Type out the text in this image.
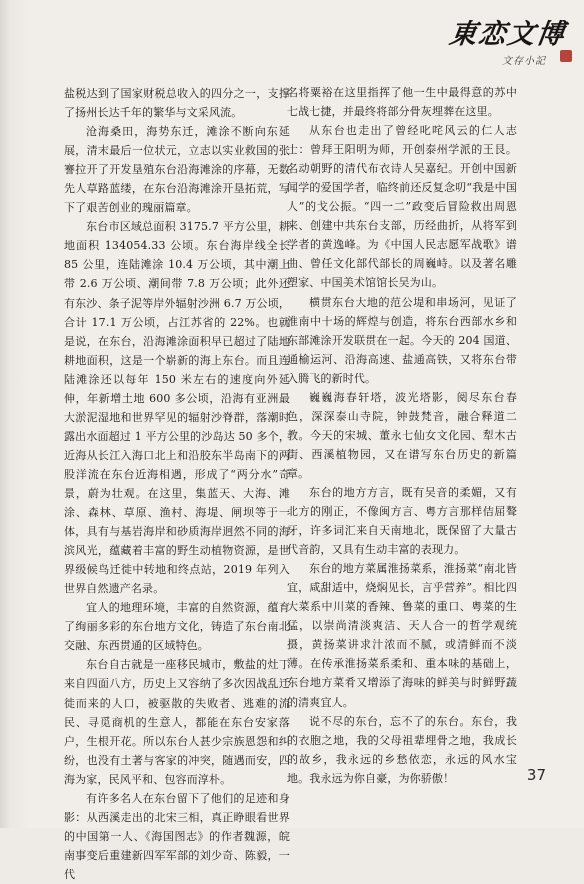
東恋文博
文存小記

盐税达到了国家财税总收入的四分之一，支撑了扬州长达千年的繁华与文采风流。

沧海桑田，海势东迁，滩涂不断向东延展，清末最后一位状元，立志以实业救国的张謇拉开了开发垦殖东台沿海滩涂的序幕，无数先人草路蓝缕，在东台沿海滩涂开垦拓荒，写下了艰苦创业的瑰丽篇章。

东台市区域总面积 3175.7 平方公里，耕地面积 134054.33 公顷。东台海岸线全长 85 公里，连陆滩涂 10.4 万公顷，其中潮上带 2.6 万公顷、潮间带 7.8 万公顷；此外还有东沙、条子泥等岸外辐射沙洲 6.7 万公顷，合计 17.1 万公顷，占江苏省的 22%。也就是说，在东台，沿海滩涂面积早已超过了陆地耕地面积，这是一个崭新的海上东台。而且连陆滩涂还以每年 150 米左右的速度向外延伸，年新增土地 600 多公顷，沿海有亚洲最大淤泥湿地和世界罕见的辐射沙脊群，落潮时露出水面超过 1 平方公里的沙岛达 50 多个，近海从长江入海口北上和沿胶东半岛南下的两股洋流在东台近海相遇，形成了“两分水”奇景，蔚为壮观。在这里，集蓝天、大海、滩涂、森林、草原、渔村、海堤、闸坝等于一体，具有与基岩海岸和砂质海岸迥然不同的海滨风光，蕴藏着丰富的野生动植物资源，是世界级候鸟迁徙中转地和终点站，2019 年列入世界自然遗产名录。

宜人的地理环境，丰富的自然资源，蕴育了绚丽多彩的东台地方文化，铸造了东台南北交融、东西贯通的区域特色。

东台自古就是一座移民城市，敷盐的灶丁来自四面八方，历史上又容纳了多次因战乱迁徙而来的人口，被驱散的失败者、逃难的流民、寻觅商机的生意人，都能在东台安家落户，生根开花。所以东台人甚少宗族恩怨和纠纷，也没有土著与客家的冲突，随遇而安，四海为家，民风平和、包容而淳朴。

有许多名人在东台留下了他们的足迹和身影：从西溪走出的北宋三相，真正睁眼看世界的中国第一人、《海国图志》的作者魏源，皖南事变后重建新四军军部的刘少奇、陈毅，一代

名将粟裕在这里指挥了他一生中最得意的苏中七战七捷，并最终将部分骨灰埋葬在这里。

从东台也走出了曾经叱咤风云的仁人志士：曾拜王阳明为师，开创泰州学派的王艮。名动朝野的清代布衣诗人吴嘉纪。开创中国新闻学的爱国学者，临终前还反复念叨“我是中国人”的戈公振。“四一二”政变后冒险救出周恩来、创建中共东台支部，历经曲折，从将军到学者的黄逸峰。为《中国人民志愿军战歌》谱曲、曾任文化部代部长的周巍峙。以及著名雕塑家、中国美术馆馆长吴为山。

横贯东台大地的范公堤和串场河，见证了淮南中十场的辉煌与创造，将东台西部水乡和东部滩涂开发联贯在一起。今天的 204 国道、通榆运河、沿海高速、盐通高铁，又将东台带入腾飞的新时代。

巍巍海春轩塔，波光塔影，阅尽东台春色，深深泰山寺院，钟鼓梵音，融合释道二教。今天的宋城、董永七仙女文化园、犁木古街、西溪植物园，又在谱写东台历史的新篇章。

东台的地方方言，既有吴音的柔媚，又有北方的刚正，不像闽方言、粤方言那样佶屈聱牙，许多词汇来自天南地北，既保留了大量古代音韵，又具有生动丰富的表现力。

东台的地方菜属淮扬菜系，淮扬菜“南北皆宜，咸甜适中，烧焖见长，言乎营养”。相比四大菜系中川菜的香辣、鲁菜的重口、粤菜的生猛，以崇尚清淡爽洁、天人合一的哲学观统摄，黄扬菜讲求汁浓而不腻，或清鲜而不淡薄。在传承淮扬菜系柔和、重本味的基础上，东台地方菜肴又增添了海味的鲜美与时鲜野蔬的清爽宜人。

说不尽的东台，忘不了的东台。东台，我的衣胞之地，我的父母祖辈埋骨之地，我成长的故乡，我永远的乡愁依恋，永远的风水宝地。我永远为你自豪，为你骄傲！	37
